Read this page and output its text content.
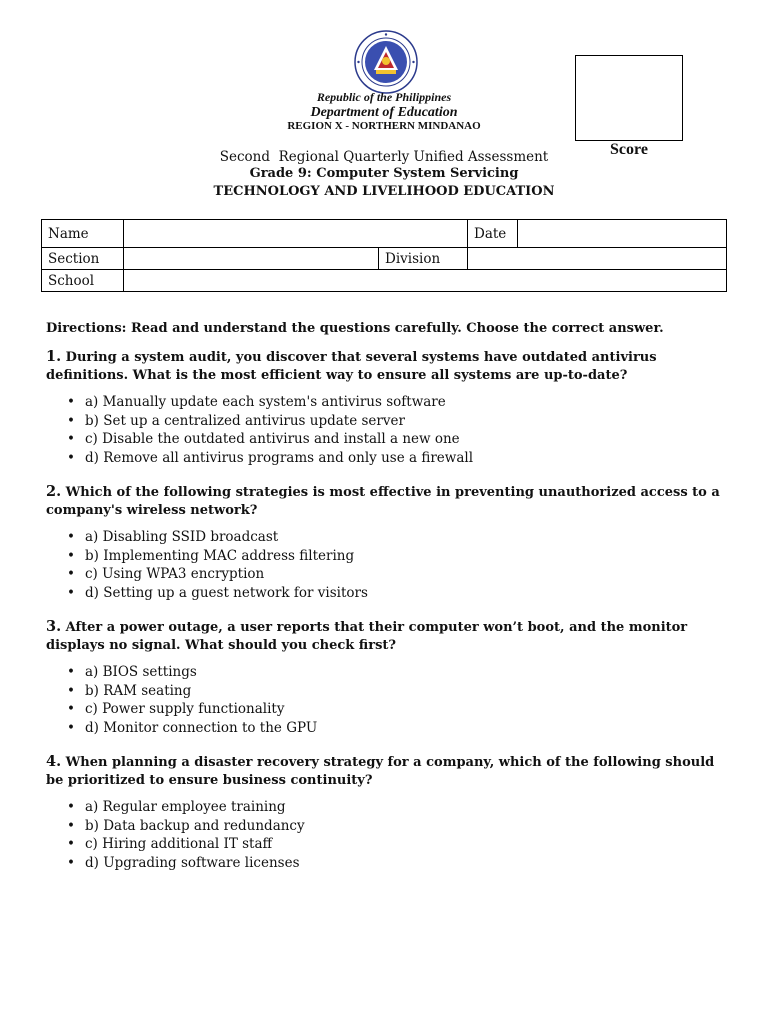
Republic of the Philippines
Department of Education
REGION X - NORTHERN MINDANAO
Score
Second  Regional Quarterly Unified Assessment
Grade 9: Computer System Servicing
TECHNOLOGY AND LIVELIHOOD EDUCATION
Name			Date	
Section		Division		
School				

Directions: Read and understand the questions carefully. Choose the correct answer.

1. During a system audit, you discover that several systems have outdated antivirus definitions. What is the most efficient way to ensure all systems are up-to-date?

• a) Manually update each system's antivirus software
• b) Set up a centralized antivirus update server
• c) Disable the outdated antivirus and install a new one
• d) Remove all antivirus programs and only use a firewall

2. Which of the following strategies is most effective in preventing unauthorized access to a company's wireless network?

• a) Disabling SSID broadcast
• b) Implementing MAC address filtering
• c) Using WPA3 encryption
• d) Setting up a guest network for visitors

3. After a power outage, a user reports that their computer won’t boot, and the monitor displays no signal. What should you check first?

• a) BIOS settings
• b) RAM seating
• c) Power supply functionality
• d) Monitor connection to the GPU

4. When planning a disaster recovery strategy for a company, which of the following should be prioritized to ensure business continuity?

• a) Regular employee training
• b) Data backup and redundancy
• c) Hiring additional IT staff
• d) Upgrading software licenses
